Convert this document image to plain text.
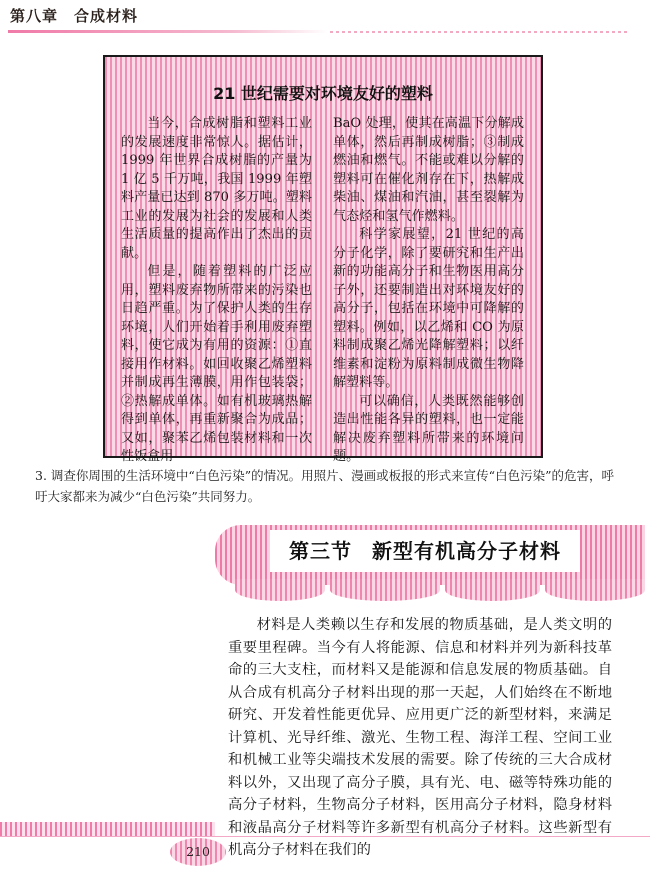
第八章　合成材料
21 世纪需要对环境友好的塑料

当今，合成树脂和塑料工业的发展速度非常惊人。据估计，1999 年世界合成树脂的产量为 1 亿 5 千万吨，我国 1999 年塑料产量已达到 870 多万吨。塑料工业的发展为社会的发展和人类生活质量的提高作出了杰出的贡献。

但是，随着塑料的广泛应用，塑料废弃物所带来的污染也日趋严重。为了保护人类的生存环境，人们开始着手利用废弃塑料，使它成为有用的资源：①直接用作材料。如回收聚乙烯塑料并制成再生薄膜，用作包装袋；②热解成单体。如有机玻璃热解得到单体，再重新聚合为成品；又如，聚苯乙烯包装材料和一次性饭盒用

BaO 处理，使其在高温下分解成单体，然后再制成树脂；③制成燃油和燃气。不能或难以分解的塑料可在催化剂存在下，热解成柴油、煤油和汽油，甚至裂解为气态烃和氢气作燃料。

科学家展望，21 世纪的高分子化学，除了要研究和生产出新的功能高分子和生物医用高分子外，还要制造出对环境友好的高分子，包括在环境中可降解的塑料。例如，以乙烯和 CO 为原料制成聚乙烯光降解塑料；以纤维素和淀粉为原料制成微生物降解塑料等。

可以确信，人类既然能够创造出性能各异的塑料，也一定能解决废弃塑料所带来的环境问题。

3. 调查你周围的生活环境中“白色污染”的情况。用照片、漫画或板报的形式来宣传“白色污染”的危害，呼吁大家都来为减少“白色污染”共同努力。
第三节 新型有机高分子材料

材料是人类赖以生存和发展的物质基础，是人类文明的重要里程碑。当今有人将能源、信息和材料并列为新科技革命的三大支柱，而材料又是能源和信息发展的物质基础。自从合成有机高分子材料出现的那一天起，人们始终在不断地研究、开发着性能更优异、应用更广泛的新型材料，来满足计算机、光导纤维、激光、生物工程、海洋工程、空间工业和机械工业等尖端技术发展的需要。除了传统的三大合成材料以外，又出现了高分子膜，具有光、电、磁等特殊功能的高分子材料，生物高分子材料，医用高分子材料，隐身材料和液晶高分子材料等许多新型有机高分子材料。这些新型有机高分子材料在我们的

210
